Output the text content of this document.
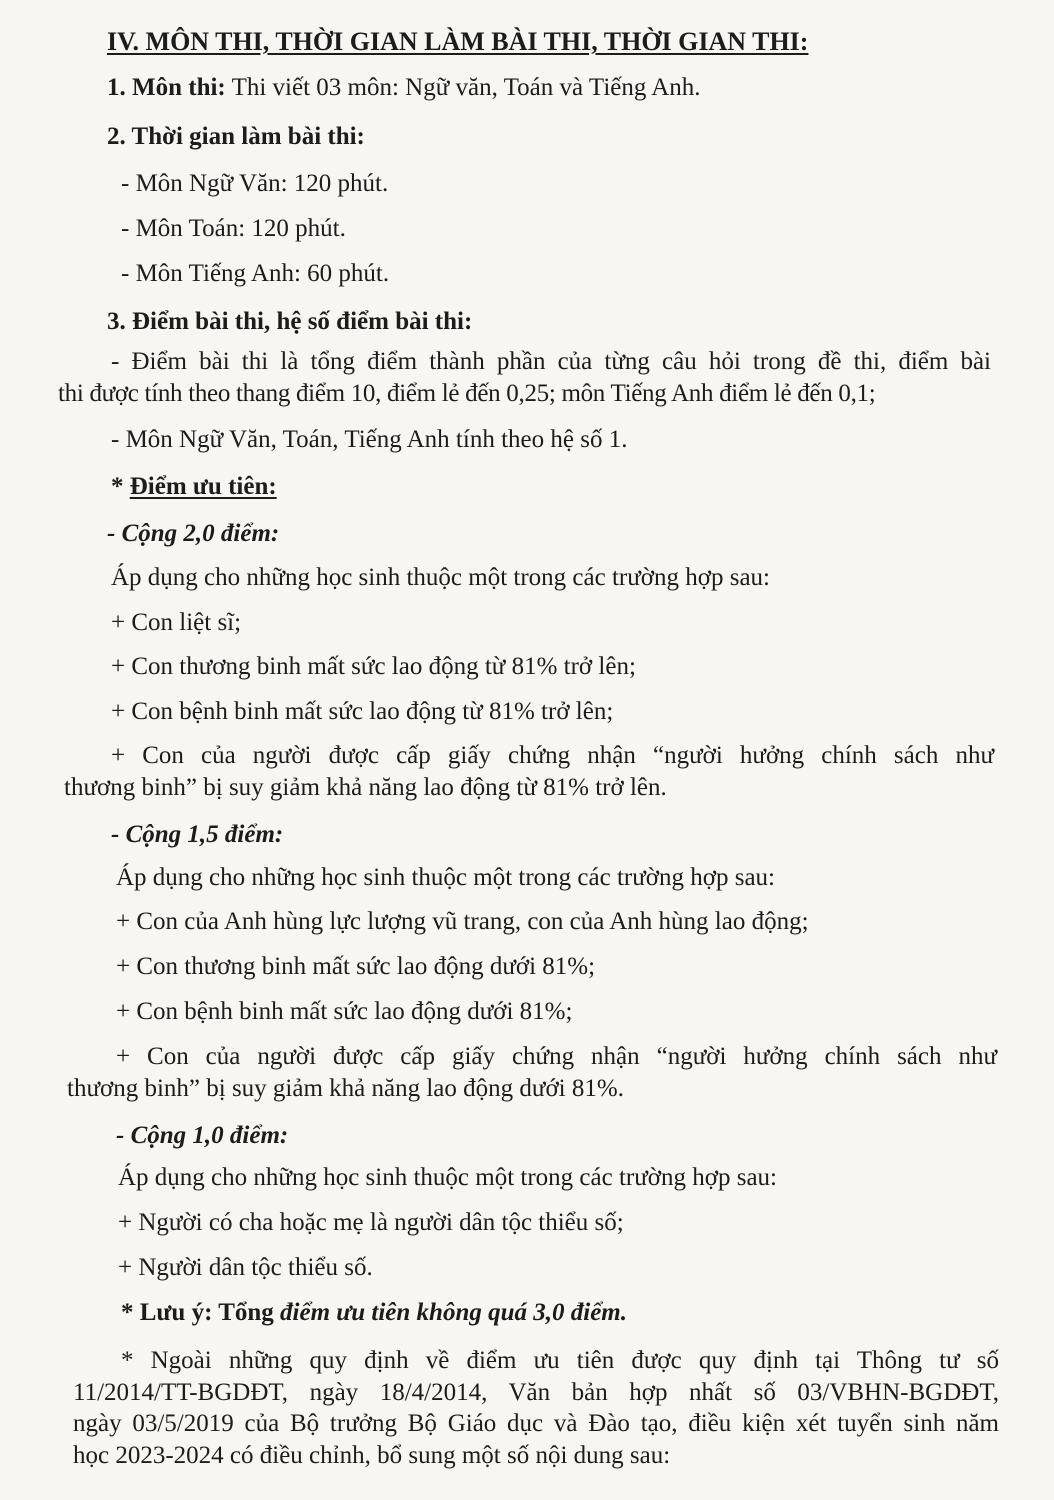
IV. MÔN THI, THỜI GIAN LÀM BÀI THI, THỜI GIAN THI:
1. Môn thi: Thi viết 03 môn: Ngữ văn, Toán và Tiếng Anh.
2. Thời gian làm bài thi:
- Môn Ngữ Văn: 120 phút.
- Môn Toán: 120 phút.
- Môn Tiếng Anh: 60 phút.
3. Điểm bài thi, hệ số điểm bài thi:
- Điểm bài thi là tổng điểm thành phần của từng câu hỏi trong đề thi, điểm bài
thi được tính theo thang điểm 10, điểm lẻ đến 0,25; môn Tiếng Anh điểm lẻ đến 0,1;
- Môn Ngữ Văn, Toán, Tiếng Anh tính theo hệ số 1.
* Điểm ưu tiên:
- Cộng 2,0 điểm:
Áp dụng cho những học sinh thuộc một trong các trường hợp sau:
+ Con liệt sĩ;
+ Con thương binh mất sức lao động từ 81% trở lên;
+ Con bệnh binh mất sức lao động từ 81% trở lên;
+ Con của người được cấp giấy chứng nhận “người hưởng chính sách như
thương binh” bị suy giảm khả năng lao động từ 81% trở lên.
- Cộng 1,5 điểm:
Áp dụng cho những học sinh thuộc một trong các trường hợp sau:
+ Con của Anh hùng lực lượng vũ trang, con của Anh hùng lao động;
+ Con thương binh mất sức lao động dưới 81%;
+ Con bệnh binh mất sức lao động dưới 81%;
+ Con của người được cấp giấy chứng nhận “người hưởng chính sách như
thương binh” bị suy giảm khả năng lao động dưới 81%.
- Cộng 1,0 điểm:
Áp dụng cho những học sinh thuộc một trong các trường hợp sau:
+ Người có cha hoặc mẹ là người dân tộc thiểu số;
+ Người dân tộc thiểu số.
* Lưu ý: Tổng điểm ưu tiên không quá 3,0 điểm.
* Ngoài những quy định về điểm ưu tiên được quy định tại Thông tư số
11/2014/TT-BGDĐT, ngày 18/4/2014, Văn bản hợp nhất số 03/VBHN-BGDĐT,
ngày 03/5/2019 của Bộ trưởng Bộ Giáo dục và Đào tạo, điều kiện xét tuyển sinh năm
học 2023-2024 có điều chỉnh, bổ sung một số nội dung sau:
